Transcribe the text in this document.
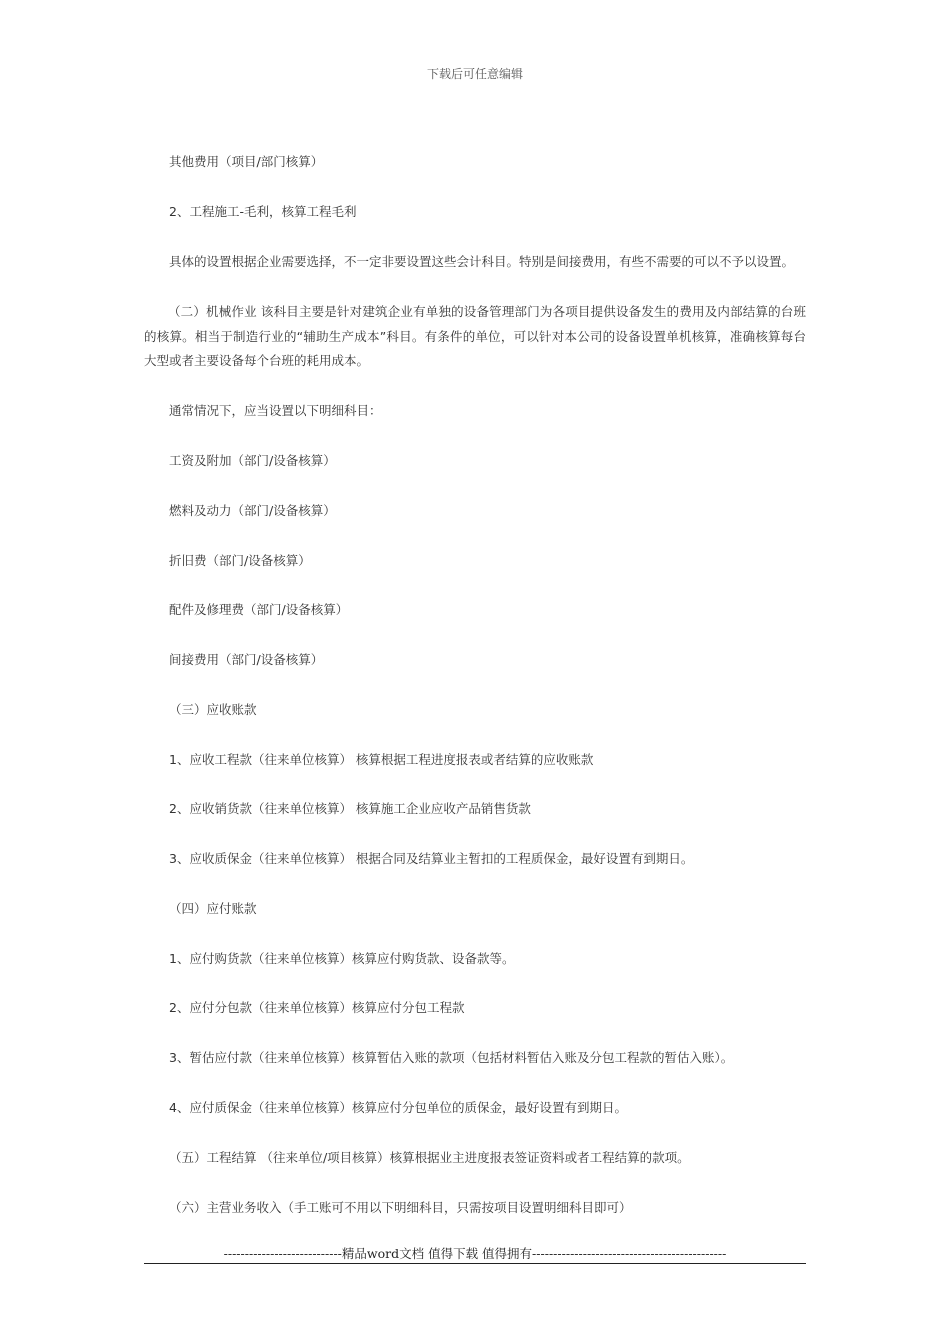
下载后可任意编辑
其他费用（项目/部门核算）
2、工程施工-毛利，核算工程毛利
具体的设置根据企业需要选择，不一定非要设置这些会计科目。特别是间接费用，有些不需要的可以不予以设置。
（二）机械作业 该科目主要是针对建筑企业有单独的设备管理部门为各项目提供设备发生的费用及内部结算的台班的核算。相当于制造行业的“辅助生产成本”科目。有条件的单位，可以针对本公司的设备设置单机核算，准确核算每台大型或者主要设备每个台班的耗用成本。
通常情况下，应当设置以下明细科目：
工资及附加（部门/设备核算）
燃料及动力（部门/设备核算）
折旧费（部门/设备核算）
配件及修理费（部门/设备核算）
间接费用（部门/设备核算）
（三）应收账款
1、应收工程款（往来单位核算） 核算根据工程进度报表或者结算的应收账款
2、应收销货款（往来单位核算） 核算施工企业应收产品销售货款
3、应收质保金（往来单位核算） 根据合同及结算业主暂扣的工程质保金，最好设置有到期日。
（四）应付账款
1、应付购货款（往来单位核算）核算应付购货款、设备款等。
2、应付分包款（往来单位核算）核算应付分包工程款
3、暂估应付款（往来单位核算）核算暂估入账的款项（包括材料暂估入账及分包工程款的暂估入账）。
4、应付质保金（往来单位核算）核算应付分包单位的质保金，最好设置有到期日。
（五）工程结算 （往来单位/项目核算）核算根据业主进度报表签证资料或者工程结算的款项。
（六）主营业务收入（手工账可不用以下明细科目，只需按项目设置明细科目即可）
----------------------------精品word文档 值得下载 值得拥有----------------------------------------------
